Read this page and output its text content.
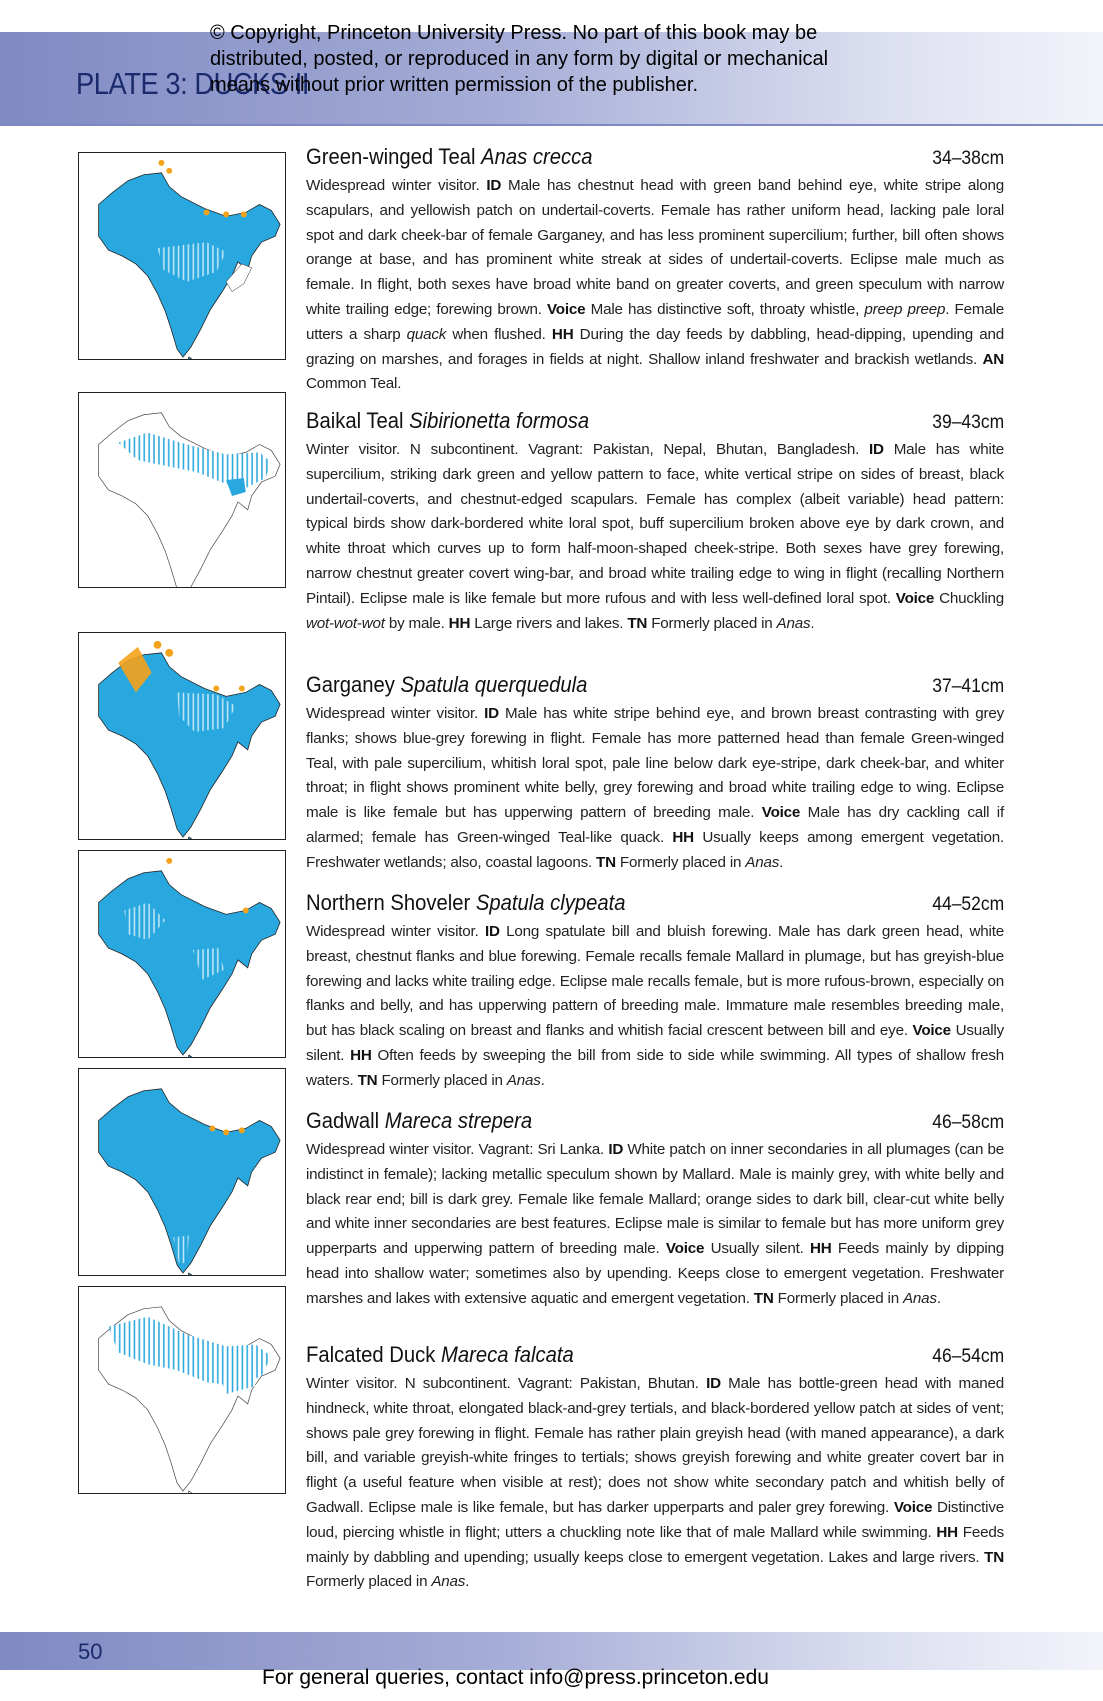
PLATE 3: DUCKS II
© Copyright, Princeton University Press. No part of this book may be
distributed, posted, or reproduced in any form by digital or mechanical
means without prior written permission of the publisher.
Green-winged Teal Anas crecca	34–38cm
Widespread winter visitor. ID Male has chestnut head with green band behind eye, white stripe along scapulars, and yellowish patch on undertail-coverts. Female has rather uniform head, lacking pale loral spot and dark cheek-bar of female Garganey, and has less prominent supercilium; further, bill often shows orange at base, and has prominent white streak at sides of undertail-coverts. Eclipse male much as female. In flight, both sexes have broad white band on greater coverts, and green speculum with narrow white trailing edge; forewing brown. Voice Male has distinctive soft, throaty whistle, preep preep. Female utters a sharp quack when flushed. HH During the day feeds by dabbling, head-dipping, upending and grazing on marshes, and forages in fields at night. Shallow inland freshwater and brackish wetlands. AN Common Teal.
Baikal Teal Sibirionetta formosa	39–43cm
Winter visitor. N subcontinent. Vagrant: Pakistan, Nepal, Bhutan, Bangladesh. ID Male has white supercilium, striking dark green and yellow pattern to face, white vertical stripe on sides of breast, black undertail-coverts, and chestnut-edged scapulars. Female has complex (albeit variable) head pattern: typical birds show dark-bordered white loral spot, buff supercilium broken above eye by dark crown, and white throat which curves up to form half-moon-shaped cheek-stripe. Both sexes have grey forewing, narrow chestnut greater covert wing-bar, and broad white trailing edge to wing in flight (recalling Northern Pintail). Eclipse male is like female but more rufous and with less well-defined loral spot. Voice Chuckling wot-wot-wot by male. HH Large rivers and lakes. TN Formerly placed in Anas.
Garganey Spatula querquedula	37–41cm
Widespread winter visitor. ID Male has white stripe behind eye, and brown breast contrasting with grey flanks; shows blue-grey forewing in flight. Female has more patterned head than female Green-winged Teal, with pale supercilium, whitish loral spot, pale line below dark eye-stripe, dark cheek-bar, and whiter throat; in flight shows prominent white belly, grey forewing and broad white trailing edge to wing. Eclipse male is like female but has upperwing pattern of breeding male. Voice Male has dry cackling call if alarmed; female has Green-winged Teal-like quack. HH Usually keeps among emergent vegetation. Freshwater wetlands; also, coastal lagoons. TN Formerly placed in Anas.
Northern Shoveler Spatula clypeata	44–52cm
Widespread winter visitor. ID Long spatulate bill and bluish forewing. Male has dark green head, white breast, chestnut flanks and blue forewing. Female recalls female Mallard in plumage, but has greyish-blue forewing and lacks white trailing edge. Eclipse male recalls female, but is more rufous-brown, especially on flanks and belly, and has upperwing pattern of breeding male. Immature male resembles breeding male, but has black scaling on breast and flanks and whitish facial crescent between bill and eye. Voice Usually silent. HH Often feeds by sweeping the bill from side to side while swimming. All types of shallow fresh waters. TN Formerly placed in Anas.
Gadwall Mareca strepera	46–58cm
Widespread winter visitor. Vagrant: Sri Lanka. ID White patch on inner secondaries in all plumages (can be indistinct in female); lacking metallic speculum shown by Mallard. Male is mainly grey, with white belly and black rear end; bill is dark grey. Female like female Mallard; orange sides to dark bill, clear-cut white belly and white inner secondaries are best features. Eclipse male is similar to female but has more uniform grey upperparts and upperwing pattern of breeding male. Voice Usually silent. HH Feeds mainly by dipping head into shallow water; sometimes also by upending. Keeps close to emergent vegetation. Freshwater marshes and lakes with extensive aquatic and emergent vegetation. TN Formerly placed in Anas.
Falcated Duck Mareca falcata	46–54cm
Winter visitor. N subcontinent. Vagrant: Pakistan, Bhutan. ID Male has bottle-green head with maned hindneck, white throat, elongated black-and-grey tertials, and black-bordered yellow patch at sides of vent; shows pale grey forewing in flight. Female has rather plain greyish head (with maned appearance), a dark bill, and variable greyish-white fringes to tertials; shows greyish forewing and white greater covert bar in flight (a useful feature when visible at rest); does not show white secondary patch and whitish belly of Gadwall. Eclipse male is like female, but has darker upperparts and paler grey forewing. Voice Distinctive loud, piercing whistle in flight; utters a chuckling note like that of male Mallard while swimming. HH Feeds mainly by dabbling and upending; usually keeps close to emergent vegetation. Lakes and large rivers. TN Formerly placed in Anas.
50
For general queries, contact info@press.princeton.edu
